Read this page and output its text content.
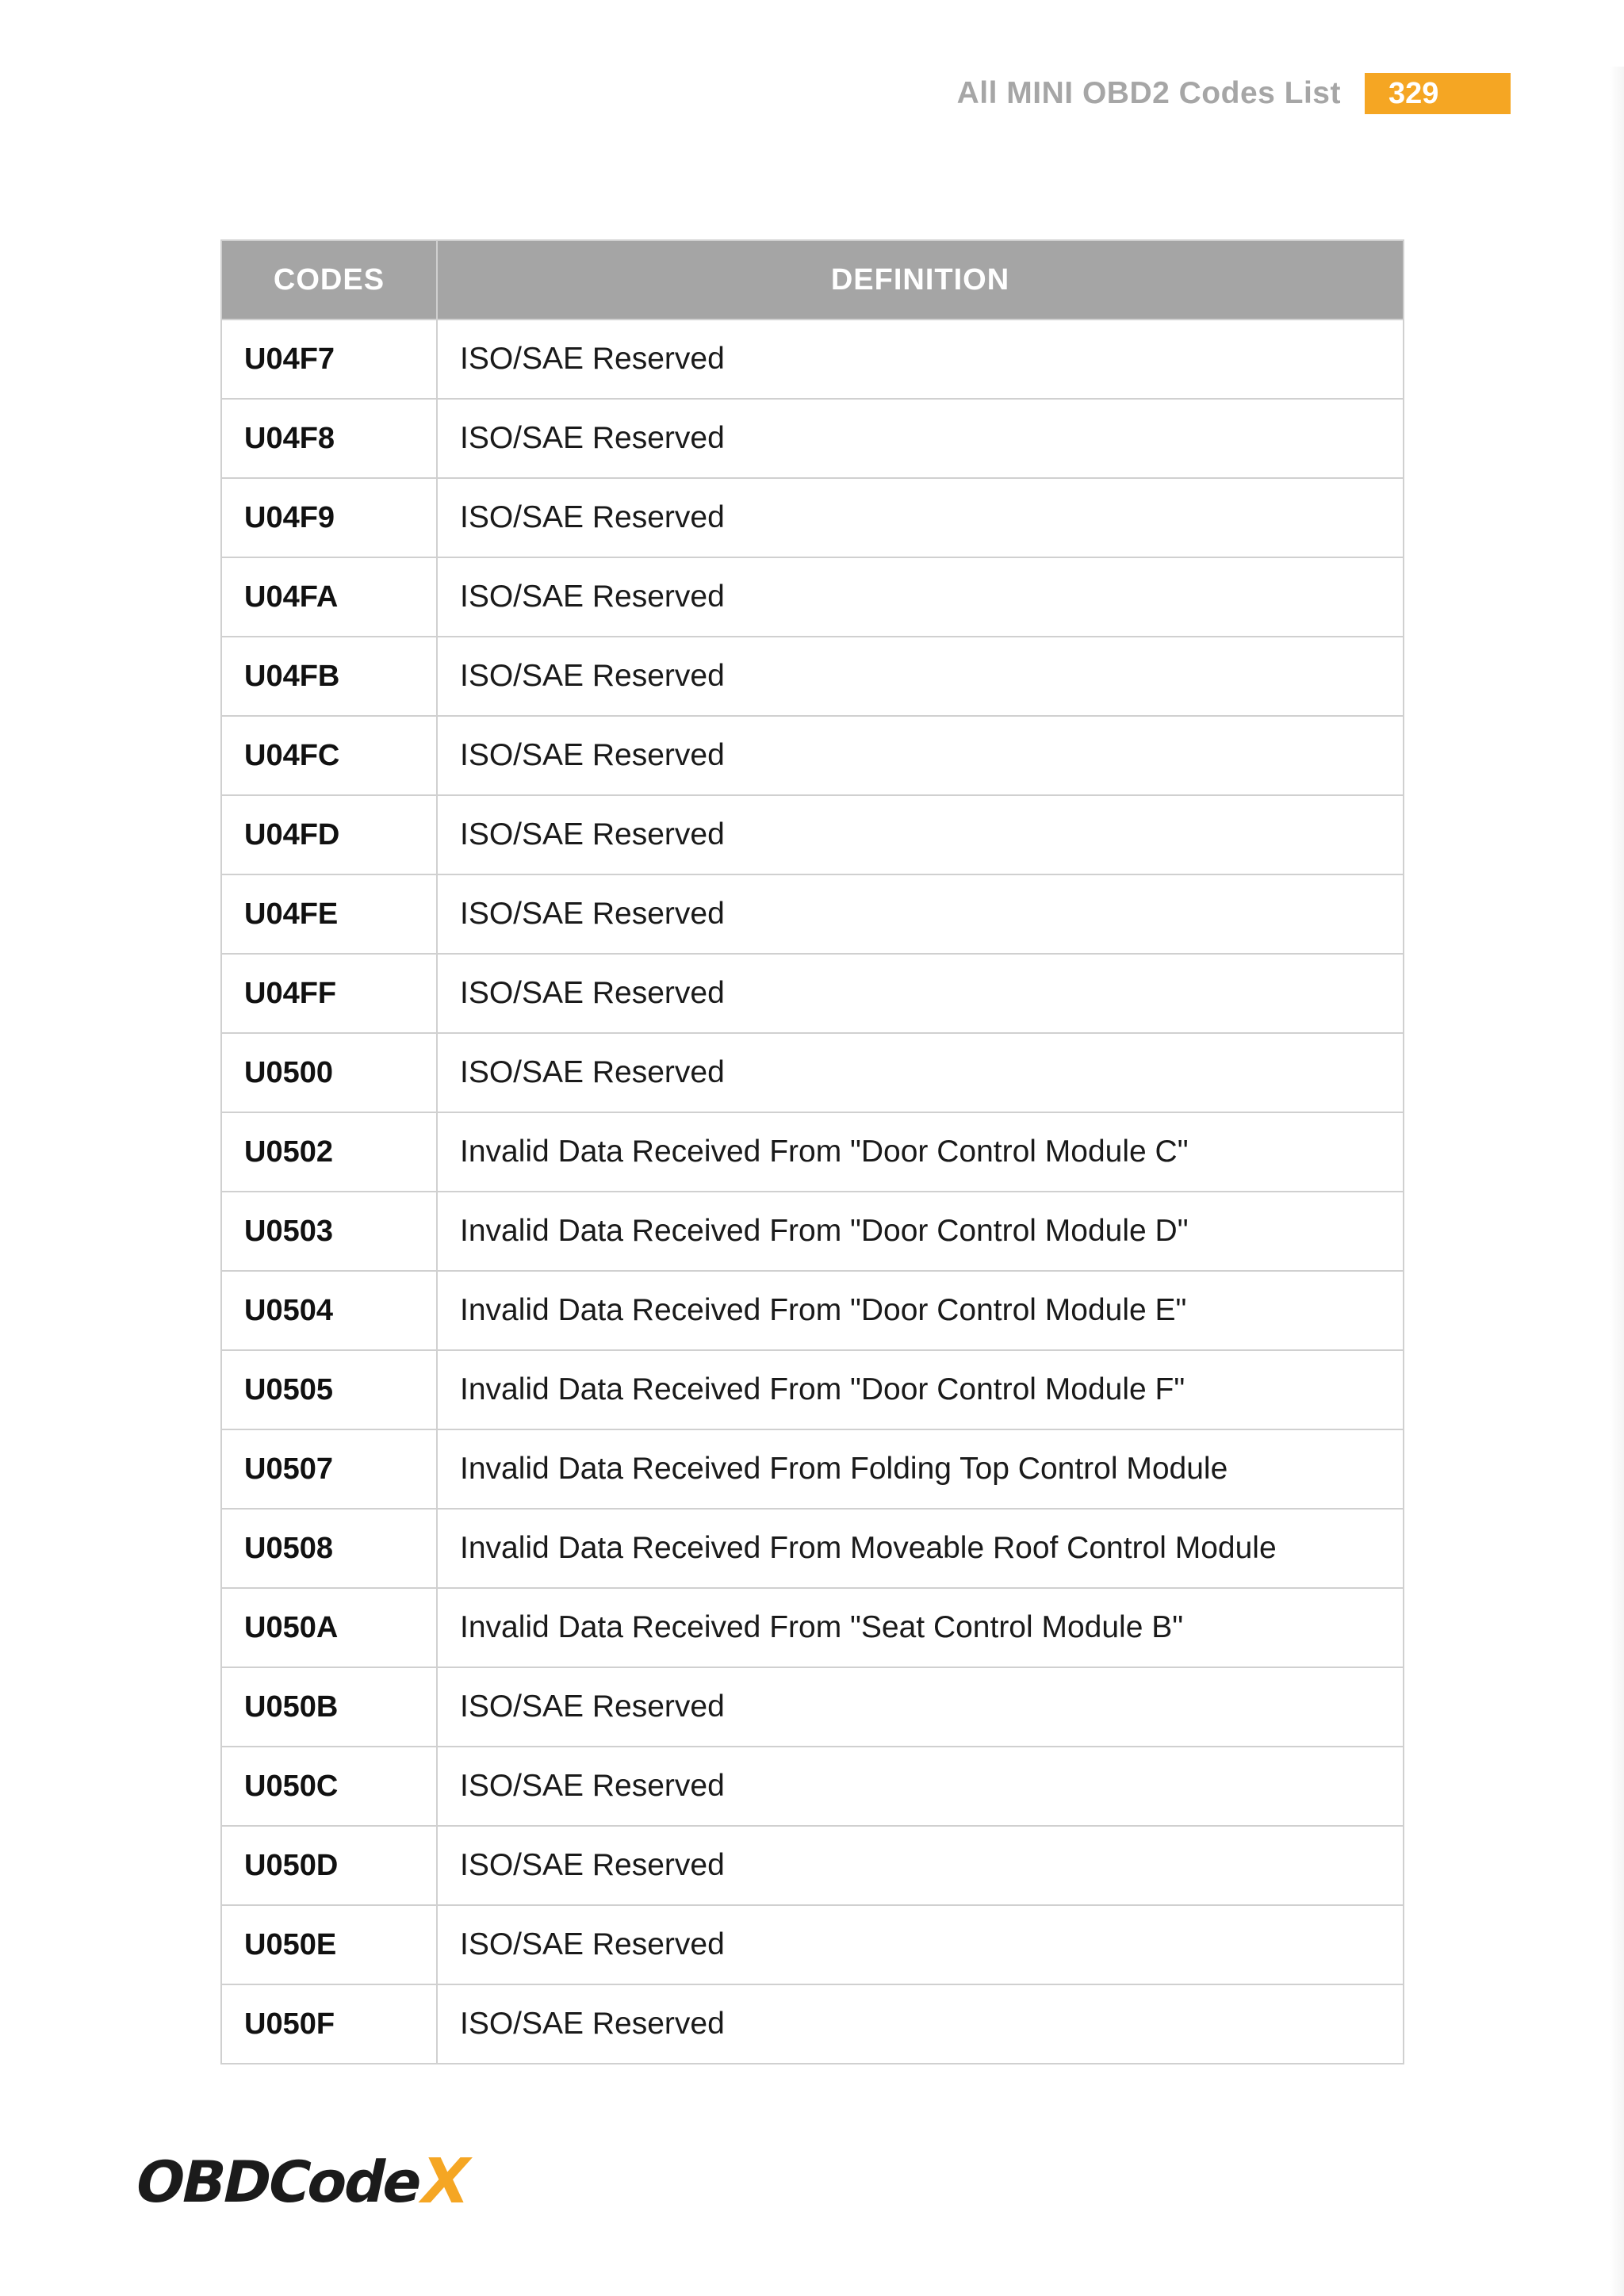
All MINI OBD2 Codes List	329
CODES	DEFINITION
U04F7	ISO/SAE Reserved
U04F8	ISO/SAE Reserved
U04F9	ISO/SAE Reserved
U04FA	ISO/SAE Reserved
U04FB	ISO/SAE Reserved
U04FC	ISO/SAE Reserved
U04FD	ISO/SAE Reserved
U04FE	ISO/SAE Reserved
U04FF	ISO/SAE Reserved
U0500	ISO/SAE Reserved
U0502	Invalid Data Received From "Door Control Module C"
U0503	Invalid Data Received From "Door Control Module D"
U0504	Invalid Data Received From "Door Control Module E"
U0505	Invalid Data Received From "Door Control Module F"
U0507	Invalid Data Received From Folding Top Control Module
U0508	Invalid Data Received From Moveable Roof Control Module
U050A	Invalid Data Received From "Seat Control Module B"
U050B	ISO/SAE Reserved
U050C	ISO/SAE Reserved
U050D	ISO/SAE Reserved
U050E	ISO/SAE Reserved
U050F	ISO/SAE Reserved
OBDCode
X
